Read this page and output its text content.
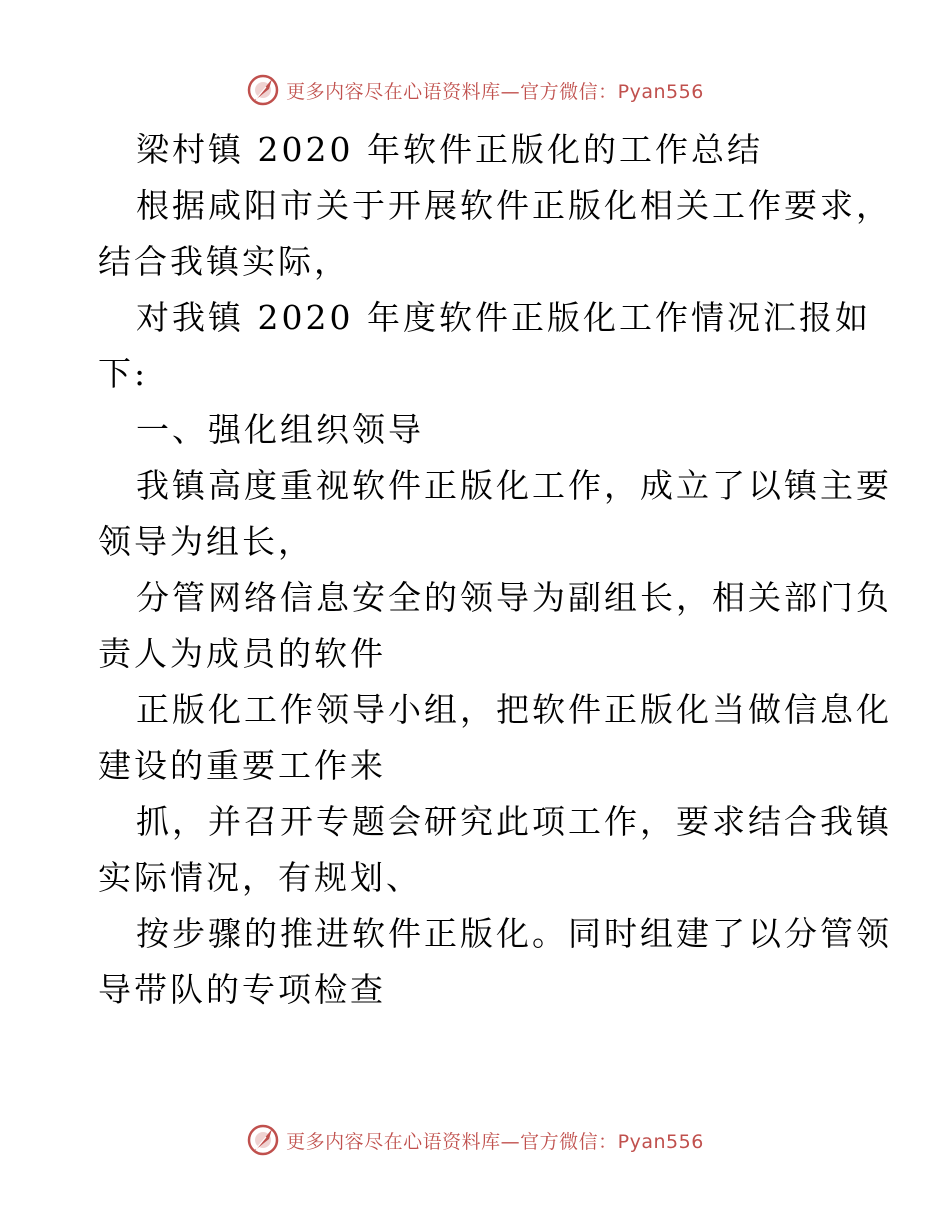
更多内容尽在心语资料库—官方微信：Pyan556
梁村镇 2020 年软件正版化的工作总结
根据咸阳市关于开展软件正版化相关工作要求，
结合我镇实际，
对我镇 2020 年度软件正版化工作情况汇报如
下:
一、强化组织领导
我镇高度重视软件正版化工作，成立了以镇主要
领导为组长，
分管网络信息安全的领导为副组长，相关部门负
责人为成员的软件
正版化工作领导小组，把软件正版化当做信息化
建设的重要工作来
抓，并召开专题会研究此项工作，要求结合我镇
实际情况，有规划、
按步骤的推进软件正版化。同时组建了以分管领
导带队的专项检查
更多内容尽在心语资料库—官方微信：Pyan556
